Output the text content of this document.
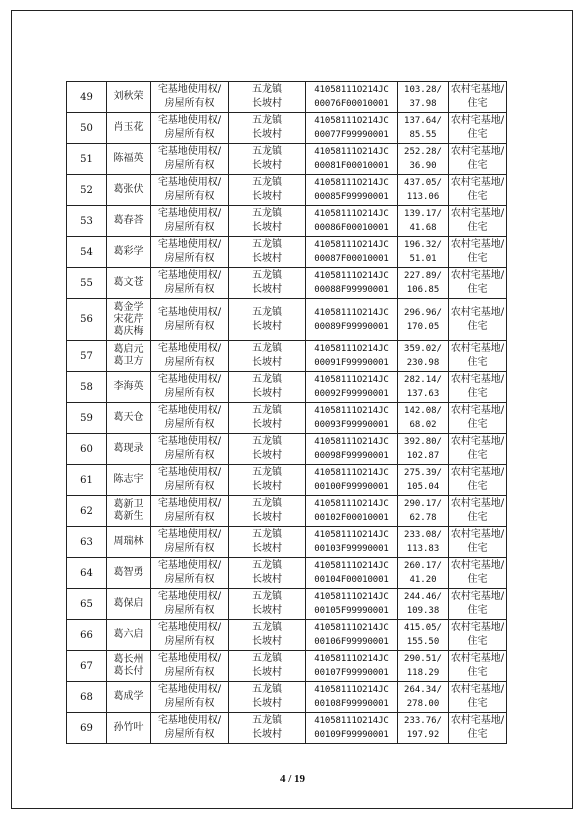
49	刘秋荣	宅基地使用权/
房屋所有权	五龙镇
长坡村	41058111O214JC
00076F00010001	103.28/
37.98	农村宅基地/
住宅

50	肖玉花	宅基地使用权/
房屋所有权	五龙镇
长坡村	41058111O214JC
00077F99990001	137.64/
85.55	农村宅基地/
住宅

51	陈福英	宅基地使用权/
房屋所有权	五龙镇
长坡村	41058111O214JC
00081F00010001	252.28/
36.90	农村宅基地/
住宅

52	葛张伏	宅基地使用权/
房屋所有权	五龙镇
长坡村	41058111O214JC
00085F99990001	437.05/
113.06	农村宅基地/
住宅

53	葛春荅	宅基地使用权/
房屋所有权	五龙镇
长坡村	41058111O214JC
00086F00010001	139.17/
41.68	农村宅基地/
住宅

54	葛彩学	宅基地使用权/
房屋所有权	五龙镇
长坡村	41058111O214JC
00087F00010001	196.32/
51.01	农村宅基地/
住宅

55	葛文苍	宅基地使用权/
房屋所有权	五龙镇
长坡村	41058111O214JC
00088F99990001	227.89/
106.85	农村宅基地/
住宅

56	葛金学
宋花芹
葛庆梅	宅基地使用权/
房屋所有权	五龙镇
长坡村	41058111O214JC
00089F99990001	296.96/
170.05	农村宅基地/
住宅

57	葛启元
葛卫方	宅基地使用权/
房屋所有权	五龙镇
长坡村	41058111O214JC
00091F99990001	359.02/
230.98	农村宅基地/
住宅

58	李海英	宅基地使用权/
房屋所有权	五龙镇
长坡村	41058111O214JC
00092F99990001	282.14/
137.63	农村宅基地/
住宅

59	葛天仓	宅基地使用权/
房屋所有权	五龙镇
长坡村	41058111O214JC
00093F99990001	142.08/
68.02	农村宅基地/
住宅

60	葛现录	宅基地使用权/
房屋所有权	五龙镇
长坡村	41058111O214JC
00098F99990001	392.80/
102.87	农村宅基地/
住宅

61	陈志宇	宅基地使用权/
房屋所有权	五龙镇
长坡村	41058111O214JC
00100F99990001	275.39/
105.04	农村宅基地/
住宅

62	葛新卫
葛新生	宅基地使用权/
房屋所有权	五龙镇
长坡村	41058111O214JC
00102F00010001	290.17/
62.78	农村宅基地/
住宅

63	周瑞林	宅基地使用权/
房屋所有权	五龙镇
长坡村	41058111O214JC
00103F99990001	233.08/
113.83	农村宅基地/
住宅

64	葛智勇	宅基地使用权/
房屋所有权	五龙镇
长坡村	41058111O214JC
00104F00010001	260.17/
41.20	农村宅基地/
住宅

65	葛保启	宅基地使用权/
房屋所有权	五龙镇
长坡村	41058111O214JC
00105F99990001	244.46/
109.38	农村宅基地/
住宅

66	葛六启	宅基地使用权/
房屋所有权	五龙镇
长坡村	41058111O214JC
00106F99990001	415.05/
155.50	农村宅基地/
住宅

67	葛长州
葛长付	宅基地使用权/
房屋所有权	五龙镇
长坡村	41058111O214JC
00107F99990001	290.51/
118.29	农村宅基地/
住宅

68	葛成学	宅基地使用权/
房屋所有权	五龙镇
长坡村	41058111O214JC
00108F99990001	264.34/
278.00	农村宅基地/
住宅

69	孙竹叶	宅基地使用权/
房屋所有权	五龙镇
长坡村	41058111O214JC
00109F99990001	233.76/
197.92	农村宅基地/
住宅
4 / 19
